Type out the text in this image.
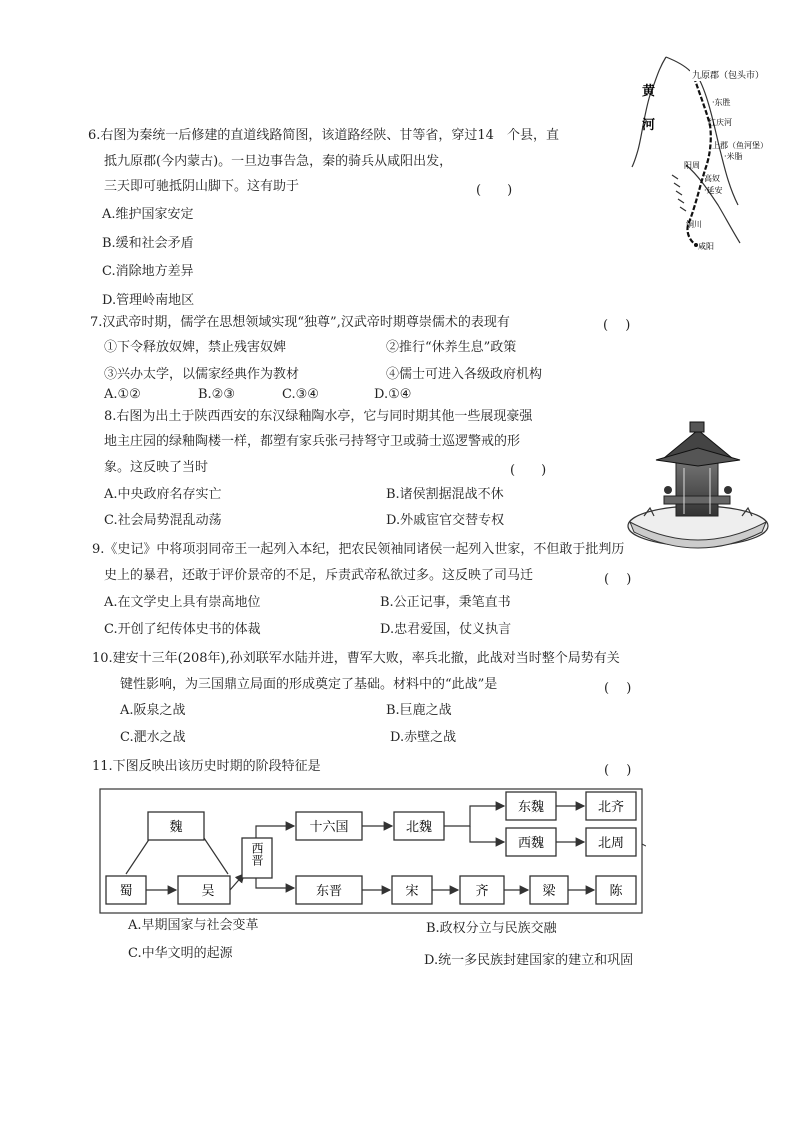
6.右图为秦统一后修建的直道线路简图，该道路经陕、甘等省，穿过14　个县，直
抵九原郡(今内蒙古)。一旦边事告急，秦的骑兵从咸阳出发，
三天即可驰抵阴山脚下。这有助于	(　　)
A.维护国家安定
B.缓和社会矛盾
C.消除地方差异
D.管理岭南地区
黄
河
九原郡（包头市）
·东胜
红庆河
上郡（鱼河堡）
·米脂
阳周
高奴
·延安
铜川
咸阳
7.汉武帝时期，儒学在思想领域实现“独尊”,汉武帝时期尊崇儒术的表现有	(　 )
①下令释放奴婢，禁止残害奴婢	②推行“休养生息”政策
③兴办太学，以儒家经典作为教材	④儒士可进入各级政府机构
A.①②	B.②③	C.③④	D.①④
8.右图为出土于陕西西安的东汉绿釉陶水亭，它与同时期其他一些展现豪强
地主庄园的绿釉陶楼一样，都塑有家兵张弓持弩守卫或骑士巡逻警戒的形
象。这反映了当时	(　　)
A.中央政府名存实亡	B.诸侯割据混战不休
C.社会局势混乱动荡	D.外戚宦官交替专权
9.《史记》中将项羽同帝王一起列入本纪，把农民领袖同诸侯一起列入世家，不但敢于批判历
史上的暴君，还敢于评价景帝的不足，斥责武帝私欲过多。这反映了司马迁	(　 )
A.在文学史上具有崇高地位	B.公正记事，秉笔直书
C.开创了纪传体史书的体裁	D.忠君爱国，仗义执言
10.建安十三年(208年),孙刘联军水陆并进，曹军大败，率兵北撤，此战对当时整个局势有关
键性影响，为三国鼎立局面的形成奠定了基础。材料中的“此战”是	(　 )
A.阪泉之战	B.巨鹿之战
C.淝水之战	D.赤壁之战
11.下图反映出该历史时期的阶段特征是	(　 )
魏
蜀	吴
西晋
十六国	北魏
东魏
西魏
北齐
北周
东晋	宋	齐	梁	陈
A.早期国家与社会变革	B.政权分立与民族交融
C.中华文明的起源	D.统一多民族封建国家的建立和巩固
